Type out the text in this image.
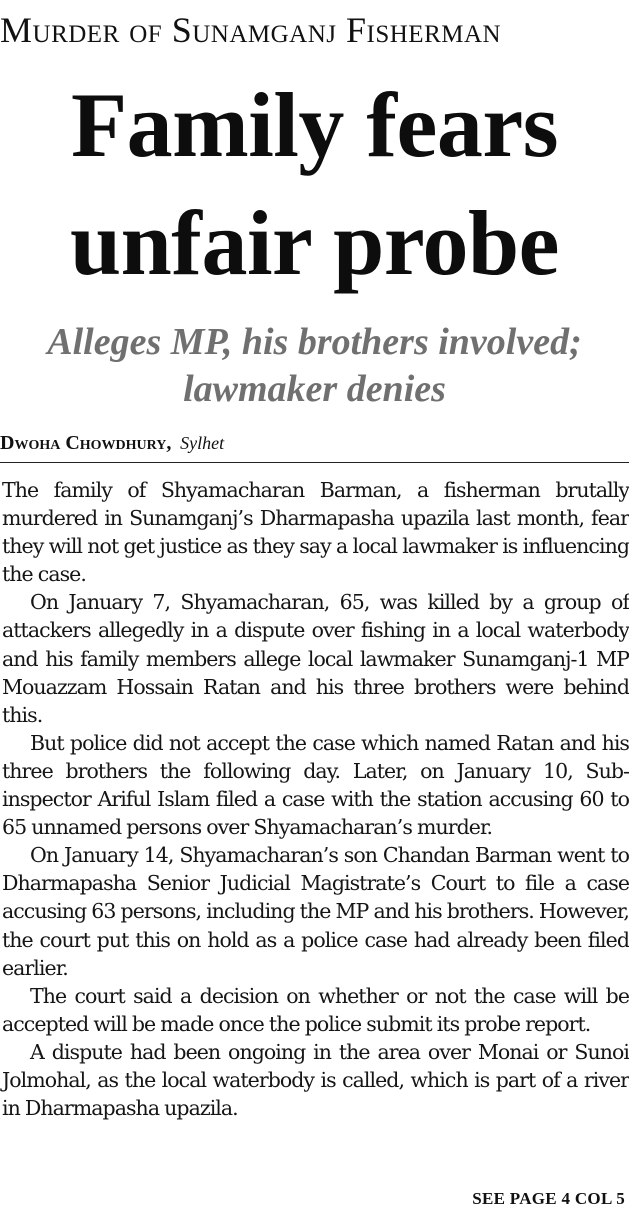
Murder of Sunamganj Fisherman
Family fears
unfair probe
Alleges MP, his brothers involved;
lawmaker denies
Dwoha Chowdhury, Sylhet

The family of Shyamacharan Barman, a fisherman brutally murdered in Sunamganj’s Dharmapasha upazila last month, fear they will not get justice as they say a local lawmaker is influencing the case.

On January 7, Shyamacharan, 65, was killed by a group of attackers allegedly in a dispute over fishing in a local waterbody and his family members allege local lawmaker Sunamganj-1 MP Mouazzam Hossain Ratan and his three brothers were behind this.

But police did not accept the case which named Ratan and his three brothers the following day. Later, on January 10, Sub-inspector Ariful Islam filed a case with the station accusing 60 to 65 unnamed persons over Shyamacharan’s murder.

On January 14, Shyamacharan’s son Chandan Barman went to Dharmapasha Senior Judicial Magistrate’s Court to file a case accusing 63 persons, including the MP and his brothers. However, the court put this on hold as a police case had already been filed earlier.

The court said a decision on whether or not the case will be accepted will be made once the police submit its probe report.

A dispute had been ongoing in the area over Monai or Sunoi Jolmohal, as the local waterbody is called, which is part of a river in Dharmapasha upazila.

SEE PAGE 4 COL 5
